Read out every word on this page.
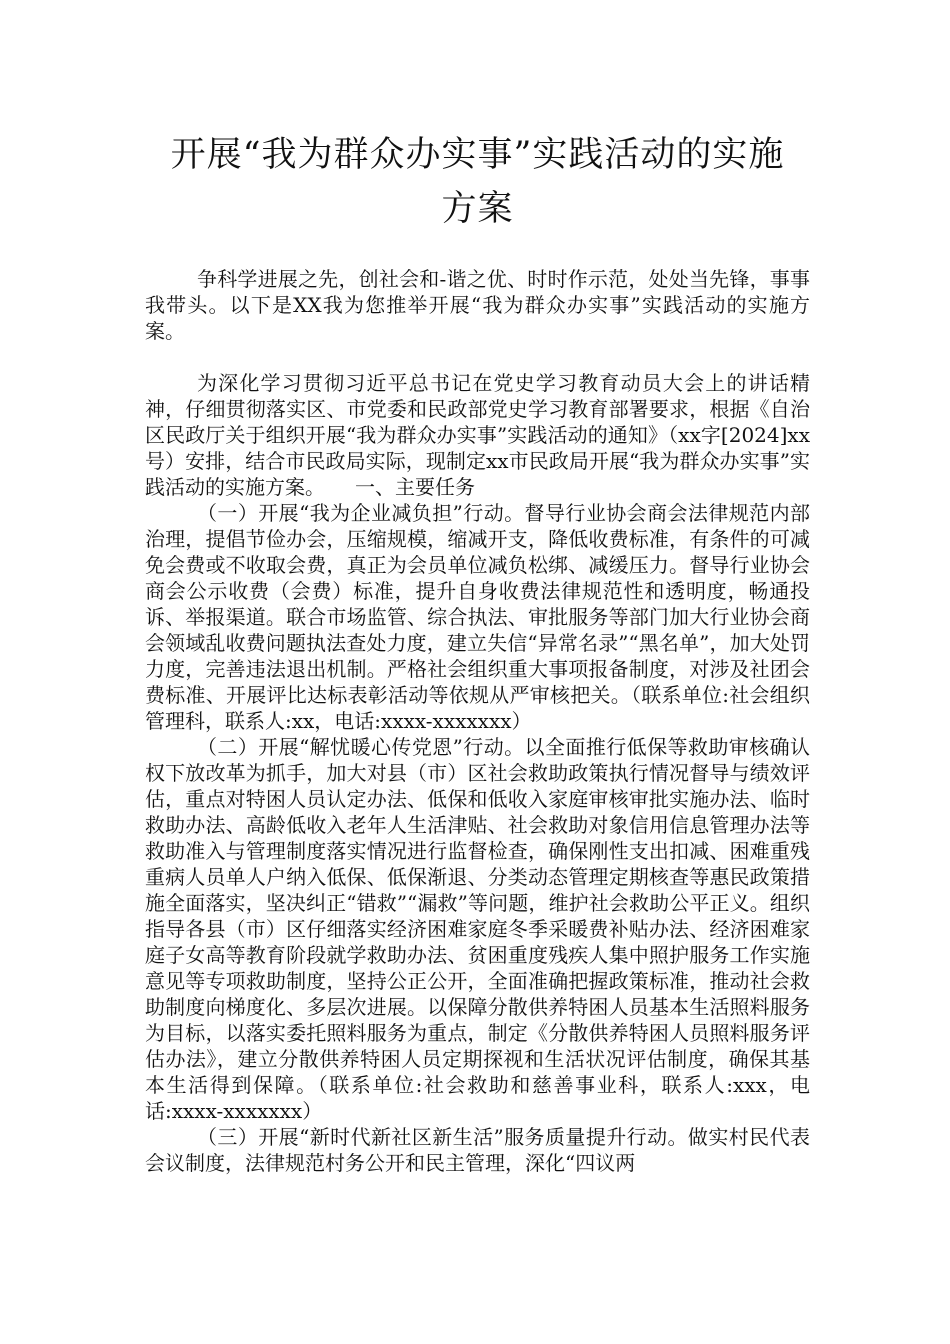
开展“我为群众办实事”实践活动的实施
方案

争科学进展之先，创社会和-谐之优、时时作示范，处处当先锋，事事我带头。以下是XX我为您推举开展“我为群众办实事”实践活动的实施方案。

为深化学习贯彻习近平总书记在党史学习教育动员大会上的讲话精神，仔细贯彻落实区、市党委和民政部党史学习教育部署要求，根据《自治区民政厅关于组织开展“我为群众办实事”实践活动的通知》（xx字[2024]xx号）安排，结合市民政局实际，现制定xx市民政局开展“我为群众办实事”实践活动的实施方案。　　一、主要任务

（一）开展“我为企业减负担”行动。督导行业协会商会法律规范内部治理，提倡节俭办会，压缩规模，缩减开支，降低收费标准，有条件的可减免会费或不收取会费，真正为会员单位减负松绑、减缓压力。督导行业协会商会公示收费（会费）标准，提升自身收费法律规范性和透明度，畅通投诉、举报渠道。联合市场监管、综合执法、审批服务等部门加大行业协会商会领域乱收费问题执法查处力度，建立失信“异常名录”“黑名单”，加大处罚力度，完善违法退出机制。严格社会组织重大事项报备制度，对涉及社团会费标准、开展评比达标表彰活动等依规从严审核把关。（联系单位:社会组织管理科，联系人:xx，电话:xxxx-xxxxxxx）

（二）开展“解忧暖心传党恩”行动。以全面推行低保等救助审核确认权下放改革为抓手，加大对县（市）区社会救助政策执行情况督导与绩效评估，重点对特困人员认定办法、低保和低收入家庭审核审批实施办法、临时救助办法、高龄低收入老年人生活津贴、社会救助对象信用信息管理办法等救助准入与管理制度落实情况进行监督检查，确保刚性支出扣减、困难重残重病人员单人户纳入低保、低保渐退、分类动态管理定期核查等惠民政策措施全面落实，坚决纠正“错救”“漏救”等问题，维护社会救助公平正义。组织指导各县（市）区仔细落实经济困难家庭冬季采暖费补贴办法、经济困难家庭子女高等教育阶段就学救助办法、贫困重度残疾人集中照护服务工作实施意见等专项救助制度，坚持公正公开，全面准确把握政策标准，推动社会救助制度向梯度化、多层次进展。以保障分散供养特困人员基本生活照料服务为目标，以落实委托照料服务为重点，制定《分散供养特困人员照料服务评估办法》，建立分散供养特困人员定期探视和生活状况评估制度，确保其基本生活得到保障。（联系单位:社会救助和慈善事业科，联系人:xxx，电话:xxxx-xxxxxxx）

（三）开展“新时代新社区新生活”服务质量提升行动。做实村民代表会议制度，法律规范村务公开和民主管理，深化“四议两
